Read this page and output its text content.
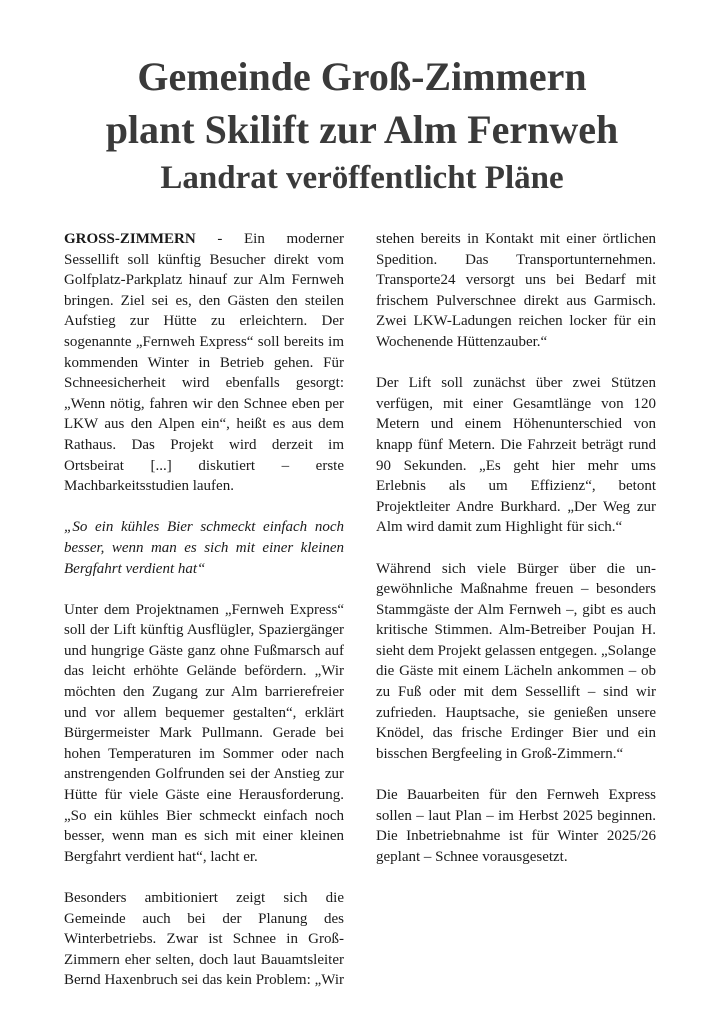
Gemeinde Groß-Zimmern
plant Skilift zur Alm Fernweh
Landrat veröffentlicht Pläne

GROSS-ZIMMERN - Ein moderner Sessellift soll künftig Besucher direkt vom Golfplatz-Parkplatz hinauf zur Alm Fernweh bringen. Ziel sei es, den Gästen den steilen Aufstieg zur Hütte zu erleichtern. Der sogenannte „Fernweh Express“ soll bereits im kommenden Winter in Betrieb gehen. Für Schneesicherheit wird ebenfalls gesorgt: „Wenn nötig, fahren wir den Schnee eben per LKW aus den Alpen ein“, heißt es aus dem Rathaus. Das Projekt wird derzeit im Ortsbeirat [...] diskutiert – erste Machbarkeitsstudien laufen.

„So ein kühles Bier schmeckt einfach noch besser, wenn man es sich mit einer kleinen Bergfahrt verdient hat“

Unter dem Projektnamen „Fernweh Express“ soll der Lift künftig Ausflügler, Spaziergänger und hungrige Gäste ganz ohne Fußmarsch auf das leicht erhöhte Gelände befördern. „Wir möchten den Zugang zur Alm barrierefreier und vor allem bequemer gestalten“, erklärt Bürgermeister Mark Pullmann. Gerade bei hohen Temperaturen im Sommer oder nach anstrengenden Golfrunden sei der Anstieg zur Hütte für viele Gäste eine Herausforderung. „So ein kühles Bier schmeckt einfach noch besser, wenn man es sich mit einer kleinen Bergfahrt verdient hat“, lacht er.

Besonders ambitioniert zeigt sich die Gemeinde auch bei der Planung des Winterbetriebs. Zwar ist Schnee in Groß-Zimmern eher selten, doch laut Bauamtsleiter Bernd Haxenbruch sei das kein Problem: „Wir

stehen bereits in Kontakt mit einer örtlichen Spedition. Das Transportunternehmen. Transporte24 versorgt uns bei Bedarf mit frischem Pulverschnee direkt aus Garmisch. Zwei LKW-Ladungen reichen locker für ein Wochenende Hüttenzauber.“

Der Lift soll zunächst über zwei Stützen verfügen, mit einer Gesamtlänge von 120 Metern und einem Höhenunterschied von knapp fünf Metern. Die Fahrzeit beträgt rund 90 Sekunden. „Es geht hier mehr ums Erlebnis als um Effizienz“, betont Projektleiter Andre Burkhard. „Der Weg zur Alm wird damit zum Highlight für sich.“

Während sich viele Bürger über die ungewöhnliche Maßnahme freuen – besonders Stammgäste der Alm Fernweh –, gibt es auch kritische Stimmen. Alm-Betreiber Poujan H. sieht dem Projekt gelassen entgegen. „Solange die Gäste mit einem Lächeln ankommen – ob zu Fuß oder mit dem Sessellift – sind wir zufrieden. Hauptsache, sie genießen unsere Knödel, das frische Erdinger Bier und ein bisschen Bergfeeling in Groß-Zimmern.“

Die Bauarbeiten für den Fernweh Express sollen – laut Plan – im Herbst 2025 beginnen. Die Inbetriebnahme ist für Winter 2025/26 geplant – Schnee vorausgesetzt.
